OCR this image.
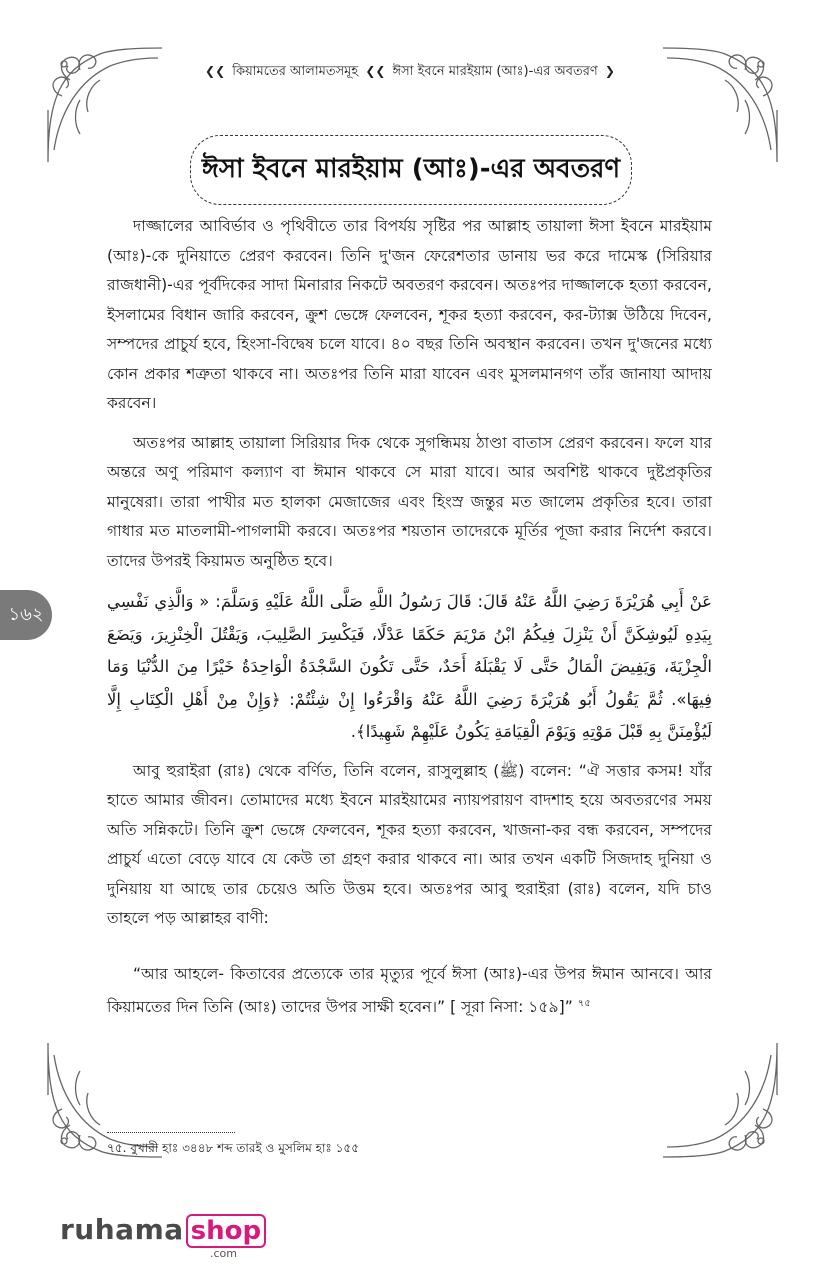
❮❮ কিয়ামতের আলামতসমূহ ❮❮ ঈসা ইবনে মারইয়াম (আঃ)-এর অবতরণ ❯
ঈসা ইবনে মারইয়াম (আঃ)-এর অবতরণ

দাজ্জালের আবির্ভাব ও পৃথিবীতে তার বিপর্যয় সৃষ্টির পর আল্লাহ তায়ালা ঈসা ইবনে মারইয়াম (আঃ)-কে দুনিয়াতে প্রেরণ করবেন। তিনি দু'জন ফেরেশতার ডানায় ভর করে দামেস্ক (সিরিয়ার রাজধানী)-এর পূর্বদিকের সাদা মিনারার নিকটে অবতরণ করবেন। অতঃপর দাজ্জালকে হত্যা করবেন, ইসলামের বিধান জারি করবেন, ক্রুশ ভেঙ্গে ফেলবেন, শূকর হত্যা করবেন, কর-ট্যাক্স উঠিয়ে দিবেন, সম্পদের প্রাচুর্য হবে, হিংসা-বিদ্বেষ চলে যাবে। ৪০ বছর তিনি অবস্থান করবেন। তখন দু'জনের মধ্যে কোন প্রকার শত্রুতা থাকবে না। অতঃপর তিনি মারা যাবেন এবং মুসলমানগণ তাঁর জানাযা আদায় করবেন।

অতঃপর আল্লাহ তায়ালা সিরিয়ার দিক থেকে সুগন্ধিময় ঠাণ্ডা বাতাস প্রেরণ করবেন। ফলে যার অন্তরে অণু পরিমাণ কল্যাণ বা ঈমান থাকবে সে মারা যাবে। আর অবশিষ্ট থাকবে দুষ্টপ্রকৃতির মানুষেরা। তারা পাখীর মত হালকা মেজাজের এবং হিংস্র জন্তুর মত জালেম প্রকৃতির হবে। তারা গাধার মত মাতলামী-পাগলামী করবে। অতঃপর শয়তান তাদেরকে মূর্তির পূজা করার নির্দেশ করবে। তাদের উপরই কিয়ামত অনুষ্ঠিত হবে।

عَنْ أَبِي هُرَيْرَةَ رَضِيَ اللَّهُ عَنْهُ قَالَ: قَالَ رَسُولُ اللَّهِ صَلَّى اللَّهُ عَلَيْهِ وَسَلَّمَ: « وَالَّذِي نَفْسِي بِيَدِهِ لَيُوشِكَنَّ أَنْ يَنْزِلَ فِيكُمُ ابْنُ مَرْيَمَ حَكَمًا عَدْلًا، فَيَكْسِرَ الصَّلِيبَ، وَيَقْتُلَ الْخِنْزِيرَ، وَيَضَعَ الْجِزْيَةَ، وَيَفِيضَ الْمَالُ حَتَّى لَا يَقْبَلَهُ أَحَدٌ، حَتَّى تَكُونَ السَّجْدَةُ الْوَاحِدَةُ خَيْرًا مِنَ الدُّنْيَا وَمَا فِيهَا». ثُمَّ يَقُولُ أَبُو هُرَيْرَةَ رَضِيَ اللَّهُ عَنْهُ وَاقْرَءُوا إِنْ شِئْتُمْ: ﴿وَإِنْ مِنْ أَهْلِ الْكِتَابِ إِلَّا لَيُؤْمِنَنَّ بِهِ قَبْلَ مَوْتِهِ وَيَوْمَ الْقِيَامَةِ يَكُونُ عَلَيْهِمْ شَهِيدًا﴾.

আবু হুরাইরা (রাঃ) থেকে বর্ণিত, তিনি বলেন, রাসুলুল্লাহ (ﷺ) বলেন: “ঐ সত্তার কসম! যাঁর হাতে আমার জীবন। তোমাদের মধ্যে ইবনে মারইয়ামের ন্যায়পরায়ণ বাদশাহ হয়ে অবতরণের সময় অতি সন্নিকটে। তিনি ক্রুশ ভেঙ্গে ফেলবেন, শূকর হত্যা করবেন, খাজনা-কর বন্ধ করবেন, সম্পদের প্রাচুর্য এতো বেড়ে যাবে যে কেউ তা গ্রহণ করার থাকবে না। আর তখন একটি সিজদাহ দুনিয়া ও দুনিয়ায় যা আছে তার চেয়েও অতি উত্তম হবে। অতঃপর আবু হুরাইরা (রাঃ) বলেন, যদি চাও তাহলে পড় আল্লাহর বাণী:

“আর আহলে- কিতাবের প্রত্যেকে তার মৃত্যুর পূর্বে ঈসা (আঃ)-এর উপর ঈমান আনবে। আর কিয়ামতের দিন তিনি (আঃ) তাদের উপর সাক্ষী হবেন।” [ সূরা নিসা: ১৫৯]” $^{৭৫}$

৭৫. বুখারী হাঃ ৩৪৪৮ শব্দ তারই ও মুসলিম হাঃ ১৫৫
১৬২
ruhama shop
.com
